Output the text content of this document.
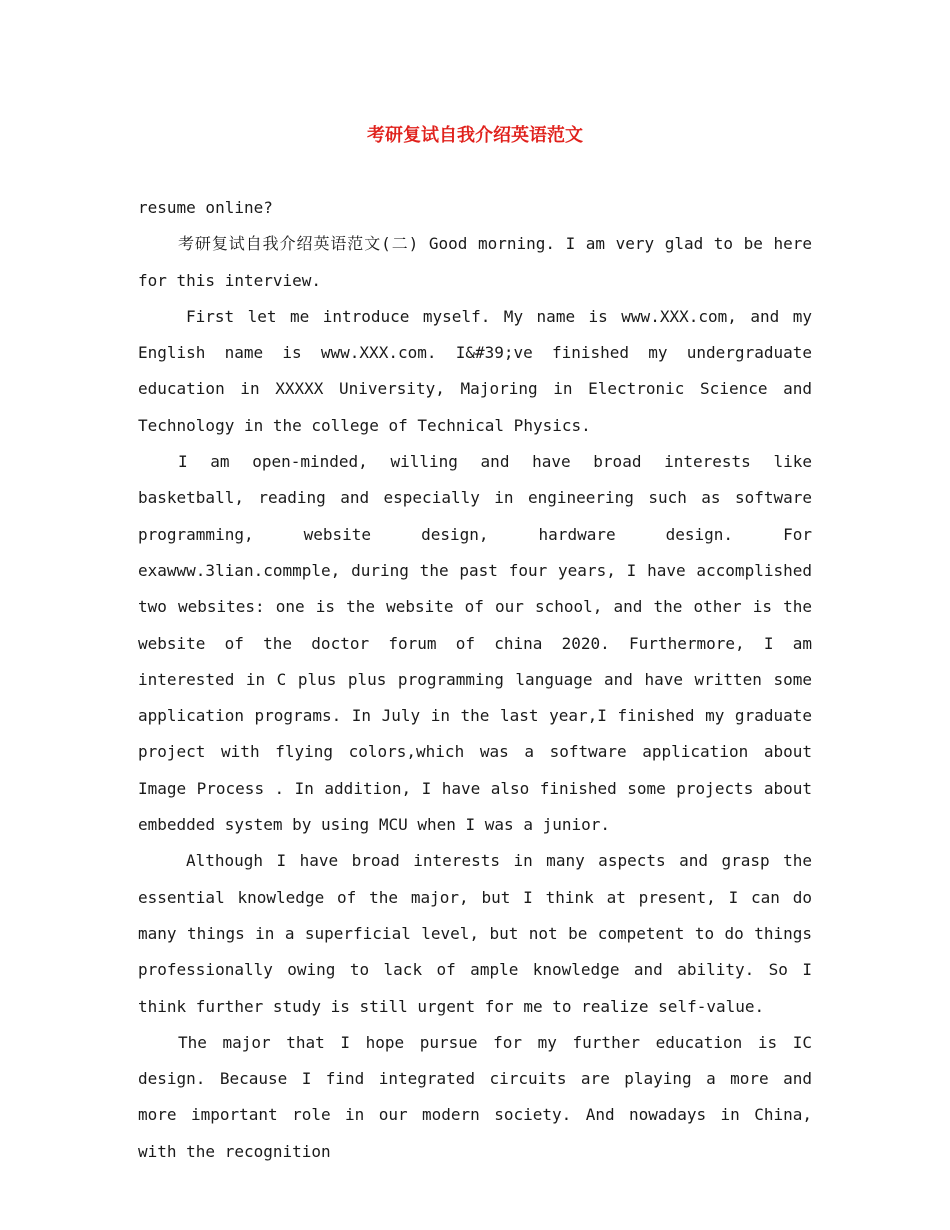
考研复试自我介绍英语范文

resume online?

考研复试自我介绍英语范文(二) Good morning. I am very glad to be here for this interview.

First let me introduce myself. My name is www.XXX.com, and my English name is www.XXX.com. I&#39;ve finished my undergraduate education in XXXXX University, Majoring in Electronic Science and Technology in the college of Technical Physics.

I am open-minded, willing and have broad interests like basketball, reading and especially in engineering such as software programming, website design, hardware design. For exawww.3lian.commple, during the past four years, I have accomplished two websites: one is the website of our school, and the other is the website of the doctor forum of china 2020. Furthermore, I am interested in C plus plus programming language and have written some application programs. In July in the last year,I finished my graduate project with flying colors,which was a software application about Image Process . In addition, I have also finished some projects about embedded system by using MCU when I was a junior.

Although I have broad interests in many aspects and grasp the essential knowledge of the major, but I think at present, I can do many things in a superficial level, but not be competent to do things professionally owing to lack of ample knowledge and ability. So I think further study is still urgent for me to realize self-value.

The major that I hope pursue for my further education is IC design. Because I find integrated circuits are playing a more and more important role in our modern society. And nowadays in China, with the recognition
